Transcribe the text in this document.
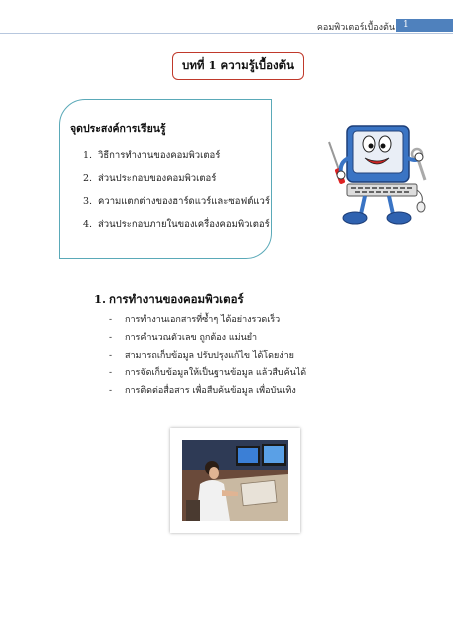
คอมพิวเตอร์เบื้องต้น 1
บทที่ 1 ความรู้เบื้องต้น
จุดประสงค์การเรียนรู้
1. วิธีการทำงานของคอมพิวเตอร์
2. ส่วนประกอบของคอมพิวเตอร์
3. ความแตกต่างของฮาร์ดแวร์และซอฟต์แวร์
4. ส่วนประกอบภายในของเครื่องคอมพิวเตอร์
1. การทำงานของคอมพิวเตอร์
- การทำงานเอกสารที่ซ้ำๆ ได้อย่างรวดเร็ว
- การคำนวณตัวเลข ถูกต้อง แม่นยำ
- สามารถเก็บข้อมูล ปรับปรุงแก้ไข ได้โดยง่าย
- การจัดเก็บข้อมูลให้เป็นฐานข้อมูล แล้วสืบค้นได้
- การติดต่อสื่อสาร เพื่อสืบค้นข้อมูล เพื่อบันเทิง
